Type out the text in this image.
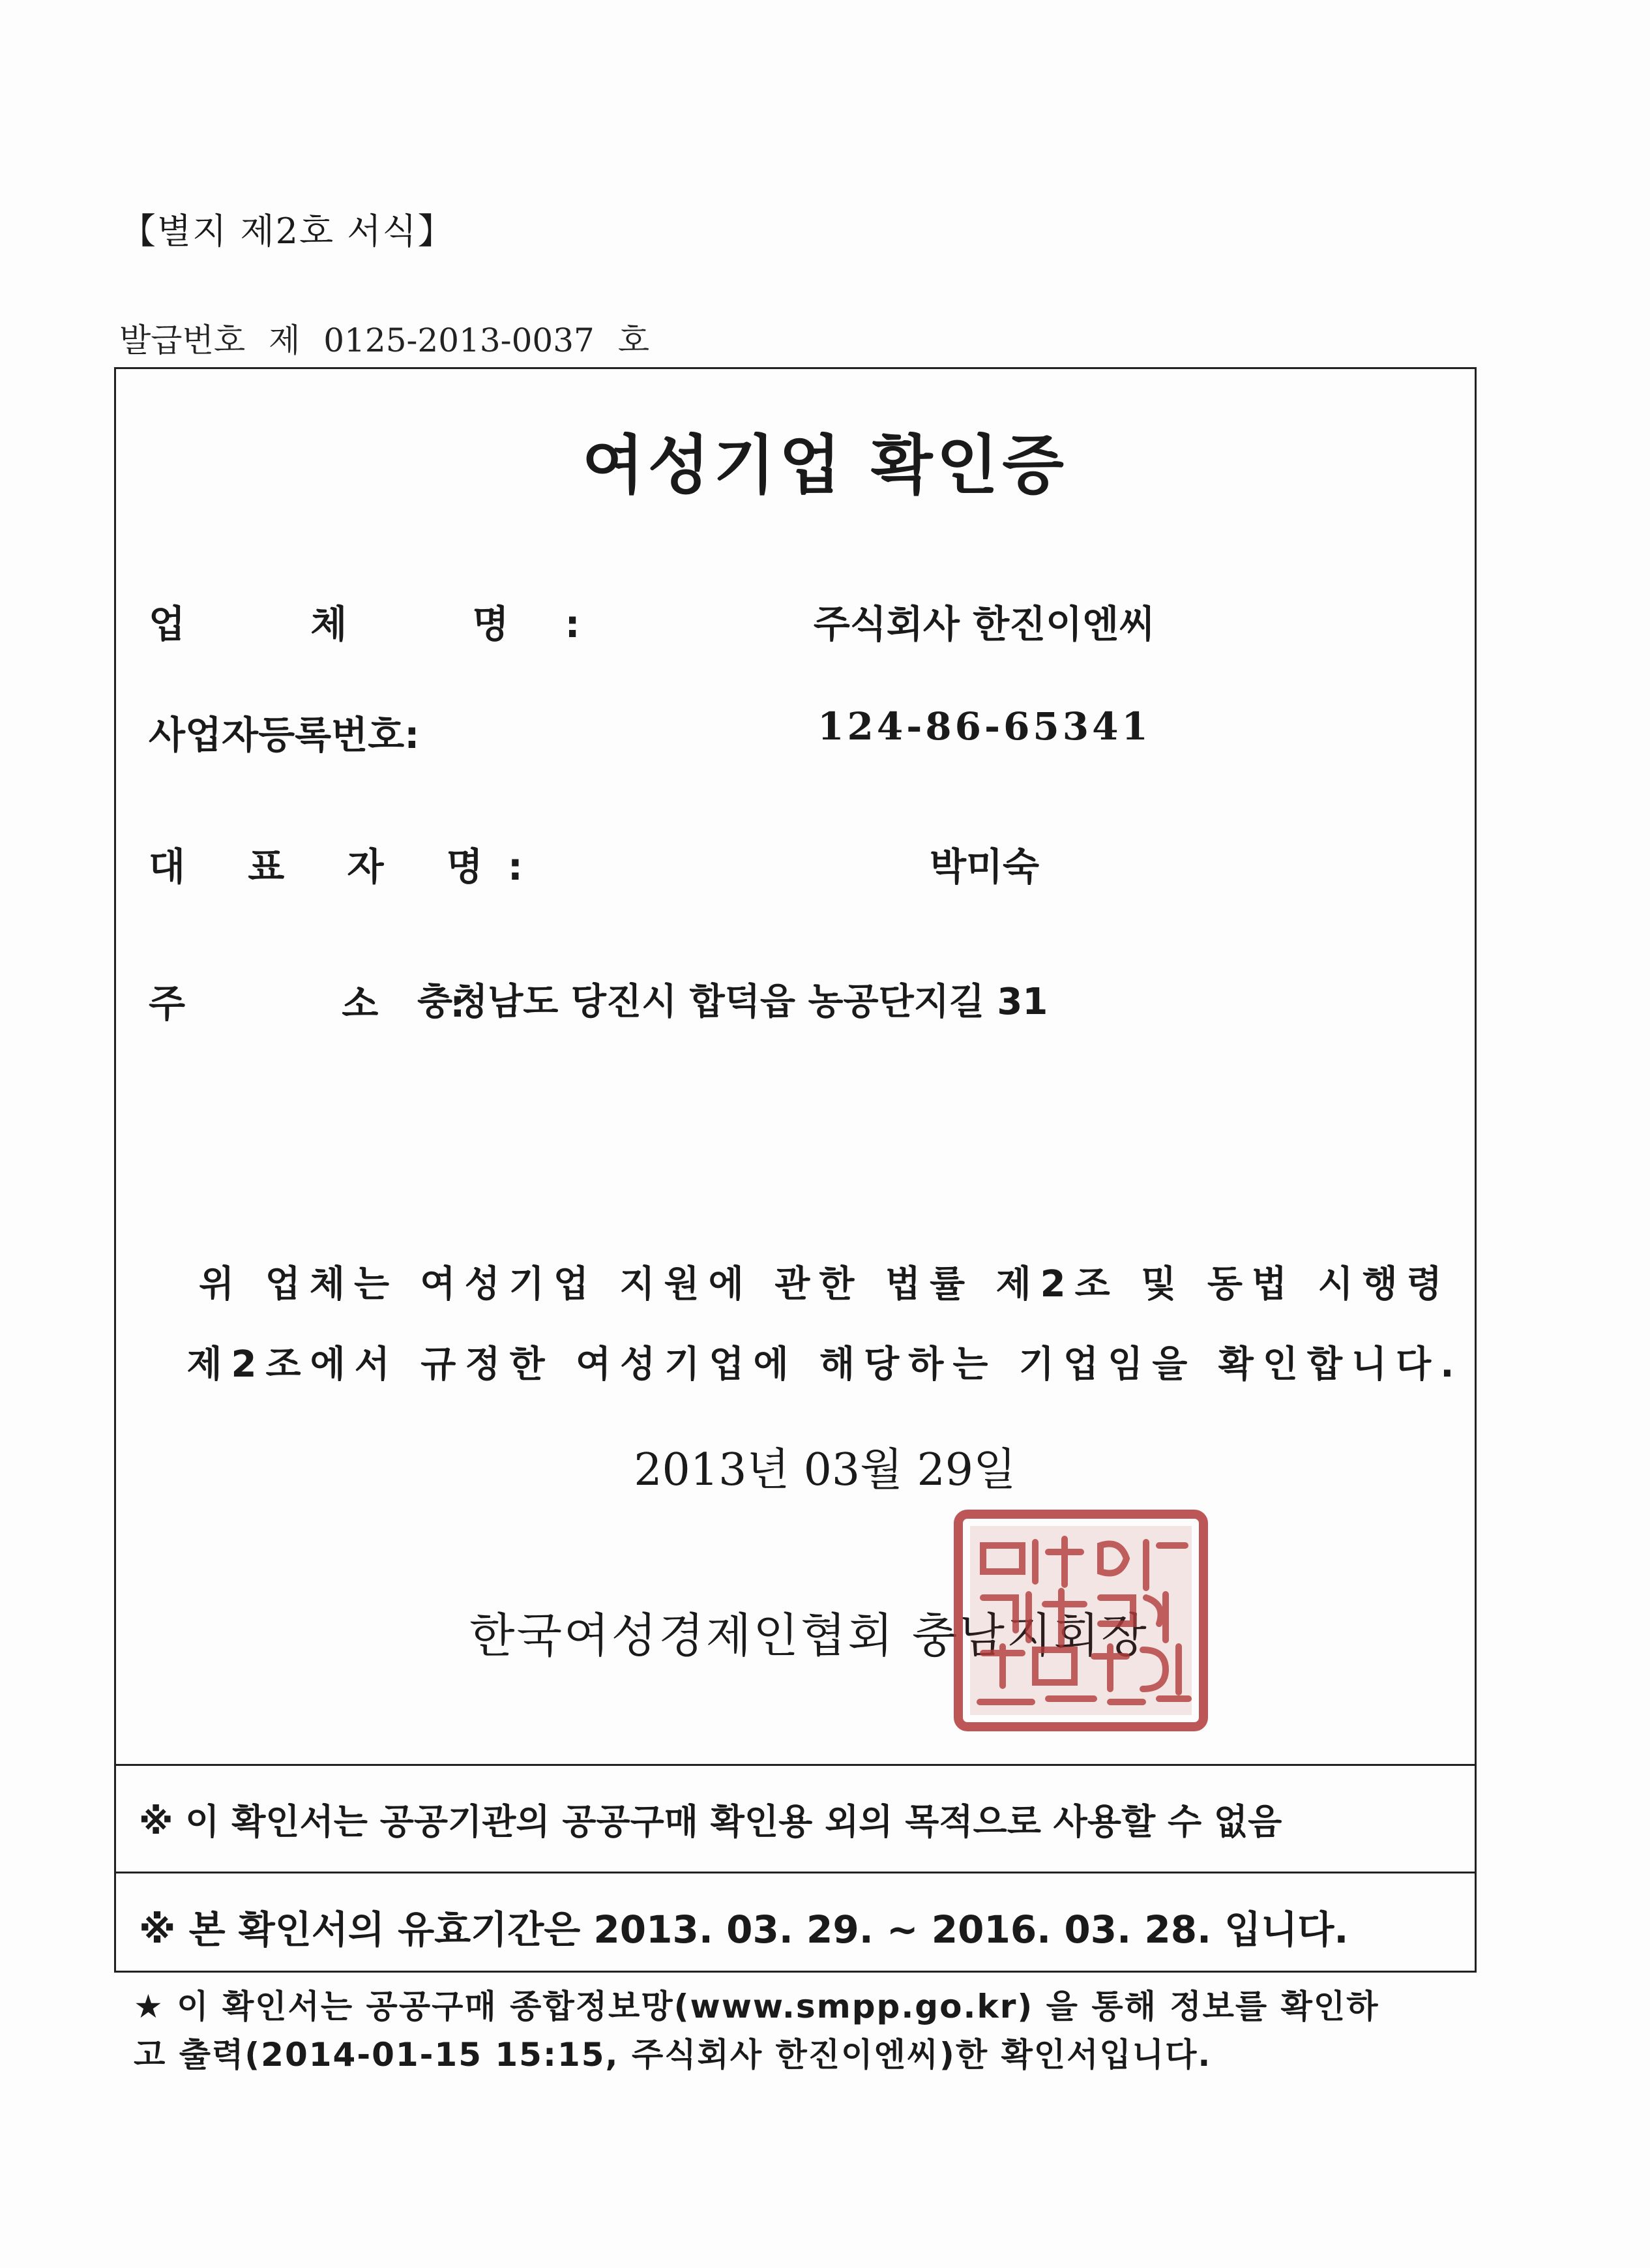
【별지 제2호 서식】
발급번호 제 0125-2013-0037 호
여성기업 확인증
업 체 명:	주식회사 한진이엔씨
사업자등록번호:	124-86-65341
대 표 자 명:	박미숙
주 소:
충청남도 당진시 합덕읍 농공단지길 31
위 업체는 여성기업 지원에 관한 법률 제2조 및 동법 시행령
제2조에서 규정한 여성기업에 해당하는 기업임을 확인합니다.
2013년 03월 29일
한국여성경제인협회 충남지회장
※ 이 확인서는 공공기관의 공공구매 확인용 외의 목적으로 사용할 수 없음
※ 본 확인서의 유효기간은 2013. 03. 29. ~ 2016. 03. 28. 입니다.
★ 이 확인서는 공공구매 종합정보망(www.smpp.go.kr) 을 통해 정보를 확인하
고 출력(2014-01-15 15:15, 주식회사 한진이엔씨)한 확인서입니다.
